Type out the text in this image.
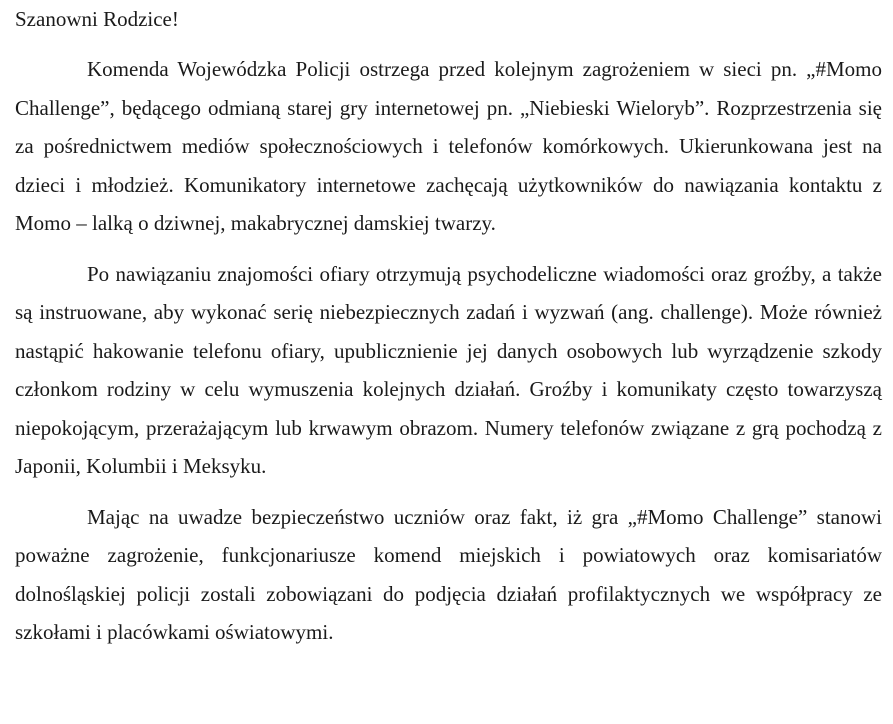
Szanowni Rodzice!

Komenda Wojewódzka Policji ostrzega przed kolejnym zagrożeniem w sieci pn. „#Momo Challenge”, będącego odmianą starej gry internetowej pn. „Niebieski Wieloryb”. Rozprzestrzenia się za pośrednictwem mediów społecznościowych i telefonów komórkowych. Ukierunkowana jest na dzieci i młodzież. Komunikatory internetowe zachęcają użytkowników do nawiązania kontaktu z Momo – lalką o dziwnej, makabrycznej damskiej twarzy.

Po nawiązaniu znajomości ofiary otrzymują psychodeliczne wiadomości oraz groźby, a także są instruowane, aby wykonać serię niebezpiecznych zadań i wyzwań (ang. challenge). Może również nastąpić hakowanie telefonu ofiary, upublicznienie jej danych osobowych lub wyrządzenie szkody członkom rodziny w celu wymuszenia kolejnych działań. Groźby i komunikaty często towarzyszą niepokojącym, przerażającym lub krwawym obrazom. Numery telefonów związane z grą pochodzą z Japonii, Kolumbii i Meksyku.

Mając na uwadze bezpieczeństwo uczniów oraz fakt, iż gra „#Momo Challenge” stanowi poważne zagrożenie, funkcjonariusze komend miejskich i powiatowych oraz komisariatów dolnośląskiej policji zostali zobowiązani do podjęcia działań profilaktycznych we współpracy ze szkołami i placówkami oświatowymi.
